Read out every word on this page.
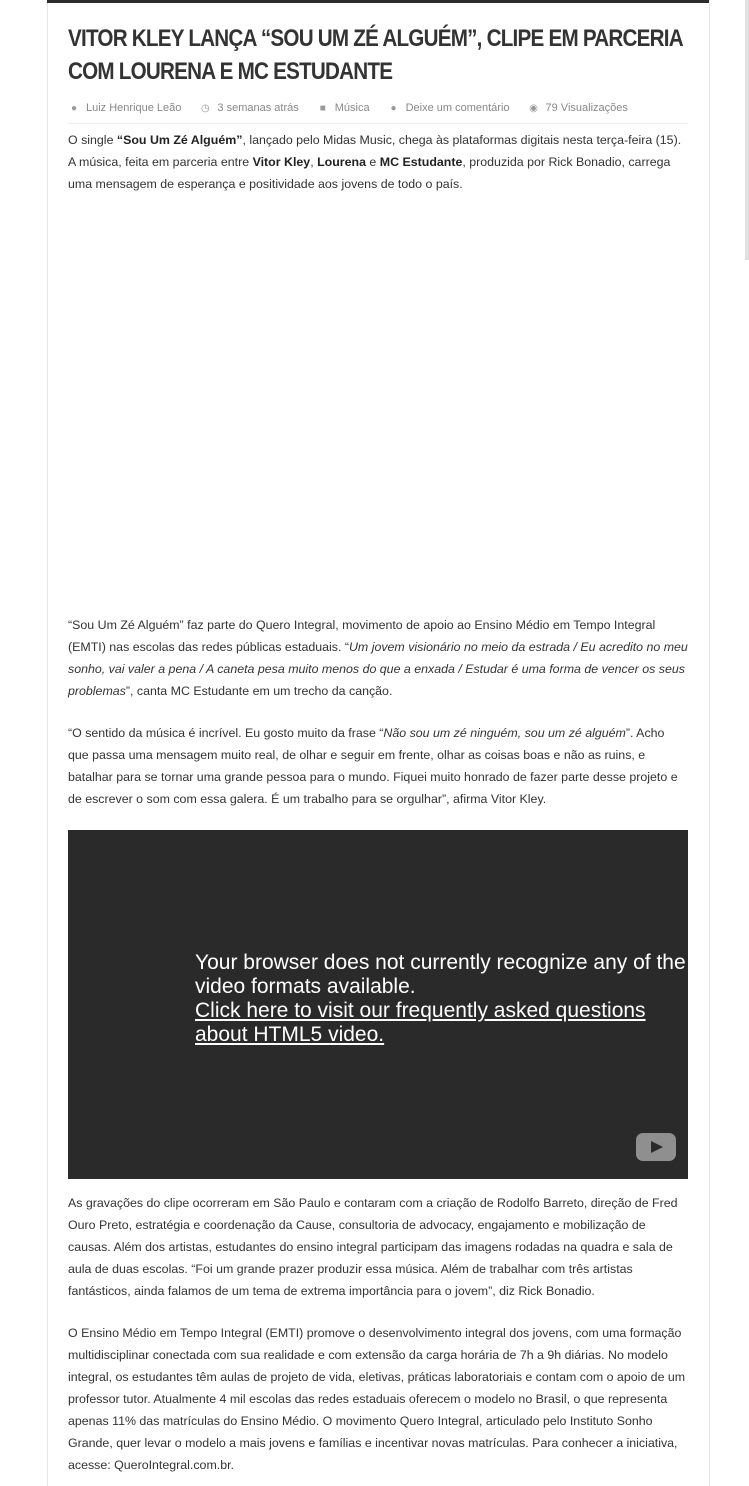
VITOR KLEY LANÇA “SOU UM ZÉ ALGUÉM”, CLIPE EM PARCERIA COM LOURENA E MC ESTUDANTE
● Luiz Henrique Leão ◷ 3 semanas atrás ■ Música ● Deixe um comentário ◉ 79 Visualizações

O single “Sou Um Zé Alguém”, lançado pelo Midas Music, chega às plataformas digitais nesta terça-feira (15). A música, feita em parceria entre Vitor Kley, Lourena e MC Estudante, produzida por Rick Bonadio, carrega uma mensagem de esperança e positividade aos jovens de todo o país.

“Sou Um Zé Alguém” faz parte do Quero Integral, movimento de apoio ao Ensino Médio em Tempo Integral (EMTI) nas escolas das redes públicas estaduais. “Um jovem visionário no meio da estrada / Eu acredito no meu sonho, vai valer a pena / A caneta pesa muito menos do que a enxada / Estudar é uma forma de vencer os seus problemas”, canta MC Estudante em um trecho da canção.

“O sentido da música é incrível. Eu gosto muito da frase “Não sou um zé ninguém, sou um zé alguém”. Acho que passa uma mensagem muito real, de olhar e seguir em frente, olhar as coisas boas e não as ruins, e batalhar para se tornar uma grande pessoa para o mundo. Fiquei muito honrado de fazer parte desse projeto e de escrever o som com essa galera. É um trabalho para se orgulhar”, afirma Vitor Kley.

Your browser does not currently recognize any of the video formats available.
Click here to visit our frequently asked questions
about HTML5 video.

As gravações do clipe ocorreram em São Paulo e contaram com a criação de Rodolfo Barreto, direção de Fred Ouro Preto, estratégia e coordenação da Cause, consultoria de advocacy, engajamento e mobilização de causas. Além dos artistas, estudantes do ensino integral participam das imagens rodadas na quadra e sala de aula de duas escolas. “Foi um grande prazer produzir essa música. Além de trabalhar com três artistas fantásticos, ainda falamos de um tema de extrema importância para o jovem”, diz Rick Bonadio.

O Ensino Médio em Tempo Integral (EMTI) promove o desenvolvimento integral dos jovens, com uma formação multidisciplinar conectada com sua realidade e com extensão da carga horária de 7h a 9h diárias. No modelo integral, os estudantes têm aulas de projeto de vida, eletivas, práticas laboratoriais e contam com o apoio de um professor tutor. Atualmente 4 mil escolas das redes estaduais oferecem o modelo no Brasil, o que representa apenas 11% das matrículas do Ensino Médio. O movimento Quero Integral, articulado pelo Instituto Sonho Grande, quer levar o modelo a mais jovens e famílias e incentivar novas matrículas. Para conhecer a iniciativa, acesse: QueroIntegral.com.br.
